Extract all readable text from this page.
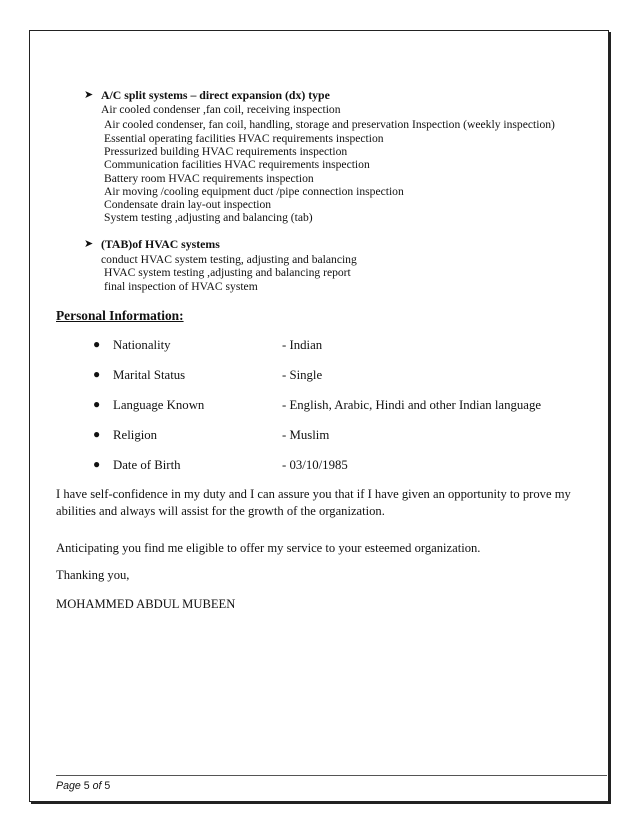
➤ A/C split systems – direct expansion (dx) type
Air cooled condenser ,fan coil, receiving inspection
Air cooled condenser, fan coil, handling, storage and preservation Inspection (weekly inspection)
Essential operating facilities HVAC requirements inspection
Pressurized building HVAC requirements inspection
Communication facilities HVAC requirements inspection
Battery room HVAC requirements inspection
Air moving /cooling equipment duct /pipe connection inspection
Condensate drain lay-out inspection
System testing ,adjusting and balancing (tab)
➤ (TAB)of HVAC systems
conduct HVAC system testing, adjusting and balancing
HVAC system testing ,adjusting and balancing report
final inspection of HVAC system
Personal Information:
● Nationality	- Indian
● Marital Status	- Single
● Language Known	- English, Arabic, Hindi and other Indian language
● Religion	- Muslim
● Date of Birth	- 03/10/1985
I have self-confidence in my duty and I can assure you that if I have given an opportunity to prove my
abilities and always will assist for the growth of the organization.
Anticipating you find me eligible to offer my service to your esteemed organization.
Thanking you,
MOHAMMED ABDUL MUBEEN
Page 5 of 5
